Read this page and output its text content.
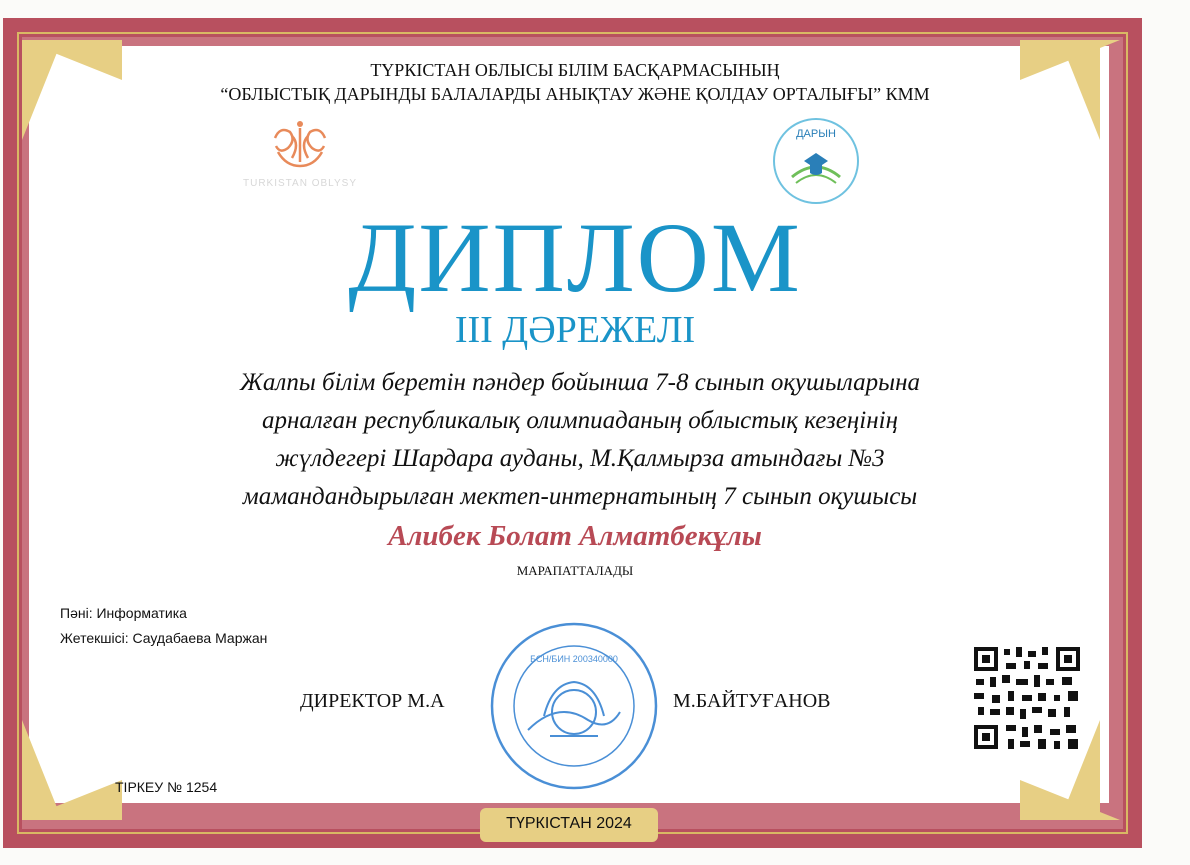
ТҮРКІСТАН ОБЛЫСЫ БІЛІМ БАСҚАРМАСЫНЫҢ
“ОБЛЫСТЫҚ ДАРЫНДЫ БАЛАЛАРДЫ АНЫҚТАУ ЖӘНЕ ҚОЛДАУ ОРТАЛЫҒЫ” КММ
TURKISTAN OBLYSY
ДАРЫН
ДИПЛОМ
ІІІ ДӘРЕЖЕЛІ
Жалпы білім беретін пәндер бойынша 7-8 сынып оқушыларына
арналған республикалық олимпиаданың облыстық кезеңінің
жүлдегері Шардара ауданы, М.Қалмырза атындағы №3
мамандандырылған мектеп-интернатының 7 сынып оқушысы
Алибек Болат Алматбекұлы
МАРАПАТТАЛАДЫ
Пәні: Информатика
Жетекшісі: Саудабаева Маржан
ДИРЕКТОР М.А	М.БАЙТУҒАНОВ
БСН/БИН 200340000
ТІРКЕУ № 1254
ТҮРКІСТАН 2024
